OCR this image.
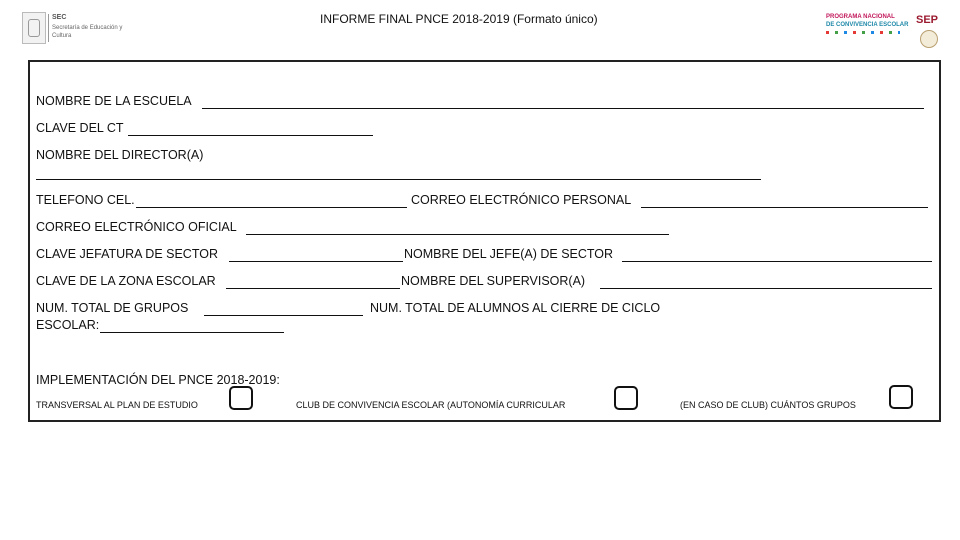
SEC
Secretaría de Educación y Cultura
INFORME FINAL PNCE 2018-2019 (Formato único)	PROGRAMA NACIONAL
DE CONVIVENCIA ESCOLAR SEP
NOMBRE DE LA ESCUELA
CLAVE DEL CT
NOMBRE DEL DIRECTOR(A)
TELEFONO CEL.	CORREO ELECTRÓNICO PERSONAL
CORREO ELECTRÓNICO OFICIAL
CLAVE JEFATURA DE SECTOR	NOMBRE DEL JEFE(A) DE SECTOR
CLAVE DE LA ZONA ESCOLAR	NOMBRE DEL SUPERVISOR(A)
NUM. TOTAL DE GRUPOS	NUM. TOTAL DE ALUMNOS AL CIERRE DE CICLO
ESCOLAR:
IMPLEMENTACIÓN DEL PNCE 2018-2019:
TRANSVERSAL AL PLAN DE ESTUDIO	CLUB DE CONVIVENCIA ESCOLAR (AUTONOMÍA CURRICULAR	(EN CASO DE CLUB) CUÁNTOS GRUPOS
